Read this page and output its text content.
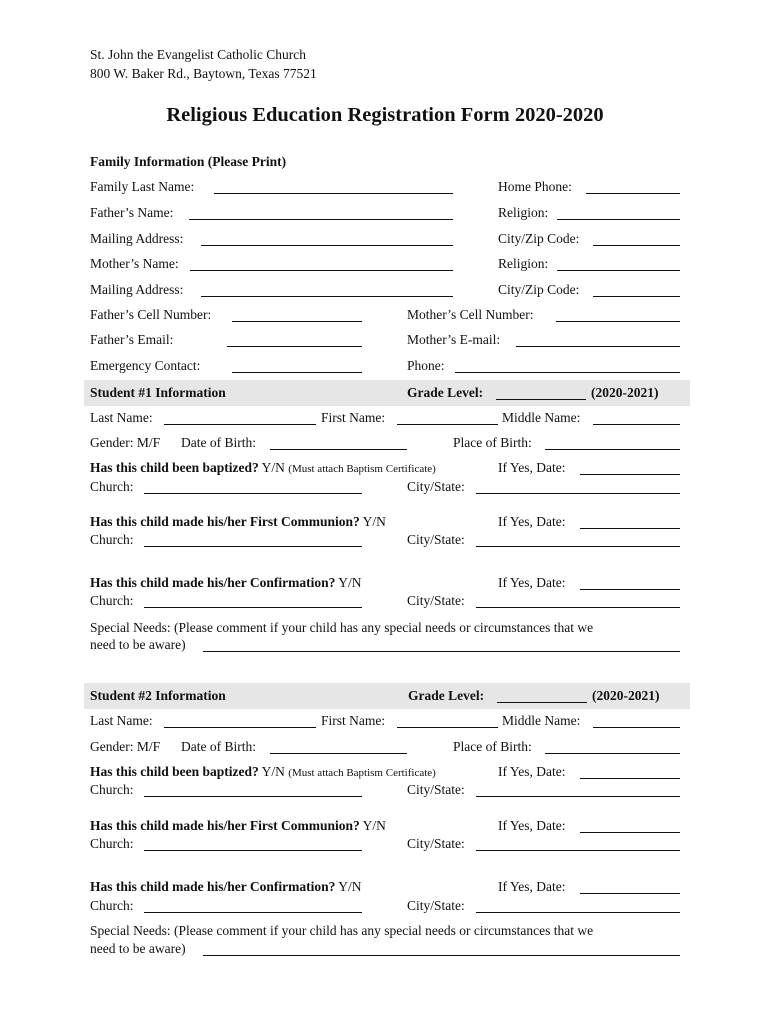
St. John the Evangelist Catholic Church
800 W. Baker Rd., Baytown, Texas 77521
Religious Education Registration Form 2020-2020
Family Information (Please Print)
Family Last Name:	Home Phone:
Father’s Name:	Religion:
Mailing Address:	City/Zip Code:
Mother’s Name:	Religion:
Mailing Address:	City/Zip Code:
Father’s Cell Number:	Mother’s Cell Number:
Father’s Email:	Mother’s E-mail:
Emergency Contact:	Phone:
Student #1 Information	Grade Level:	(2020-2021)
Last Name:	First Name:	Middle Name:
Gender: M/F Date of Birth:	Place of Birth:
Has this child been baptized? Y/N (Must attach Baptism Certificate)	If Yes, Date:
Church:	City/State:
Has this child made his/her First Communion? Y/N	If Yes, Date:
Church:	City/State:
Has this child made his/her Confirmation? Y/N	If Yes, Date:
Church:	City/State:
Special Needs: (Please comment if your child has any special needs or circumstances that we
need to be aware)
Student #2 Information	Grade Level:	(2020-2021)
Last Name:	First Name:	Middle Name:
Gender: M/F Date of Birth:	Place of Birth:
Has this child been baptized? Y/N (Must attach Baptism Certificate)	If Yes, Date:
Church:	City/State:
Has this child made his/her First Communion? Y/N	If Yes, Date:
Church:	City/State:
Has this child made his/her Confirmation? Y/N	If Yes, Date:
Church:	City/State:
Special Needs: (Please comment if your child has any special needs or circumstances that we
need to be aware)
